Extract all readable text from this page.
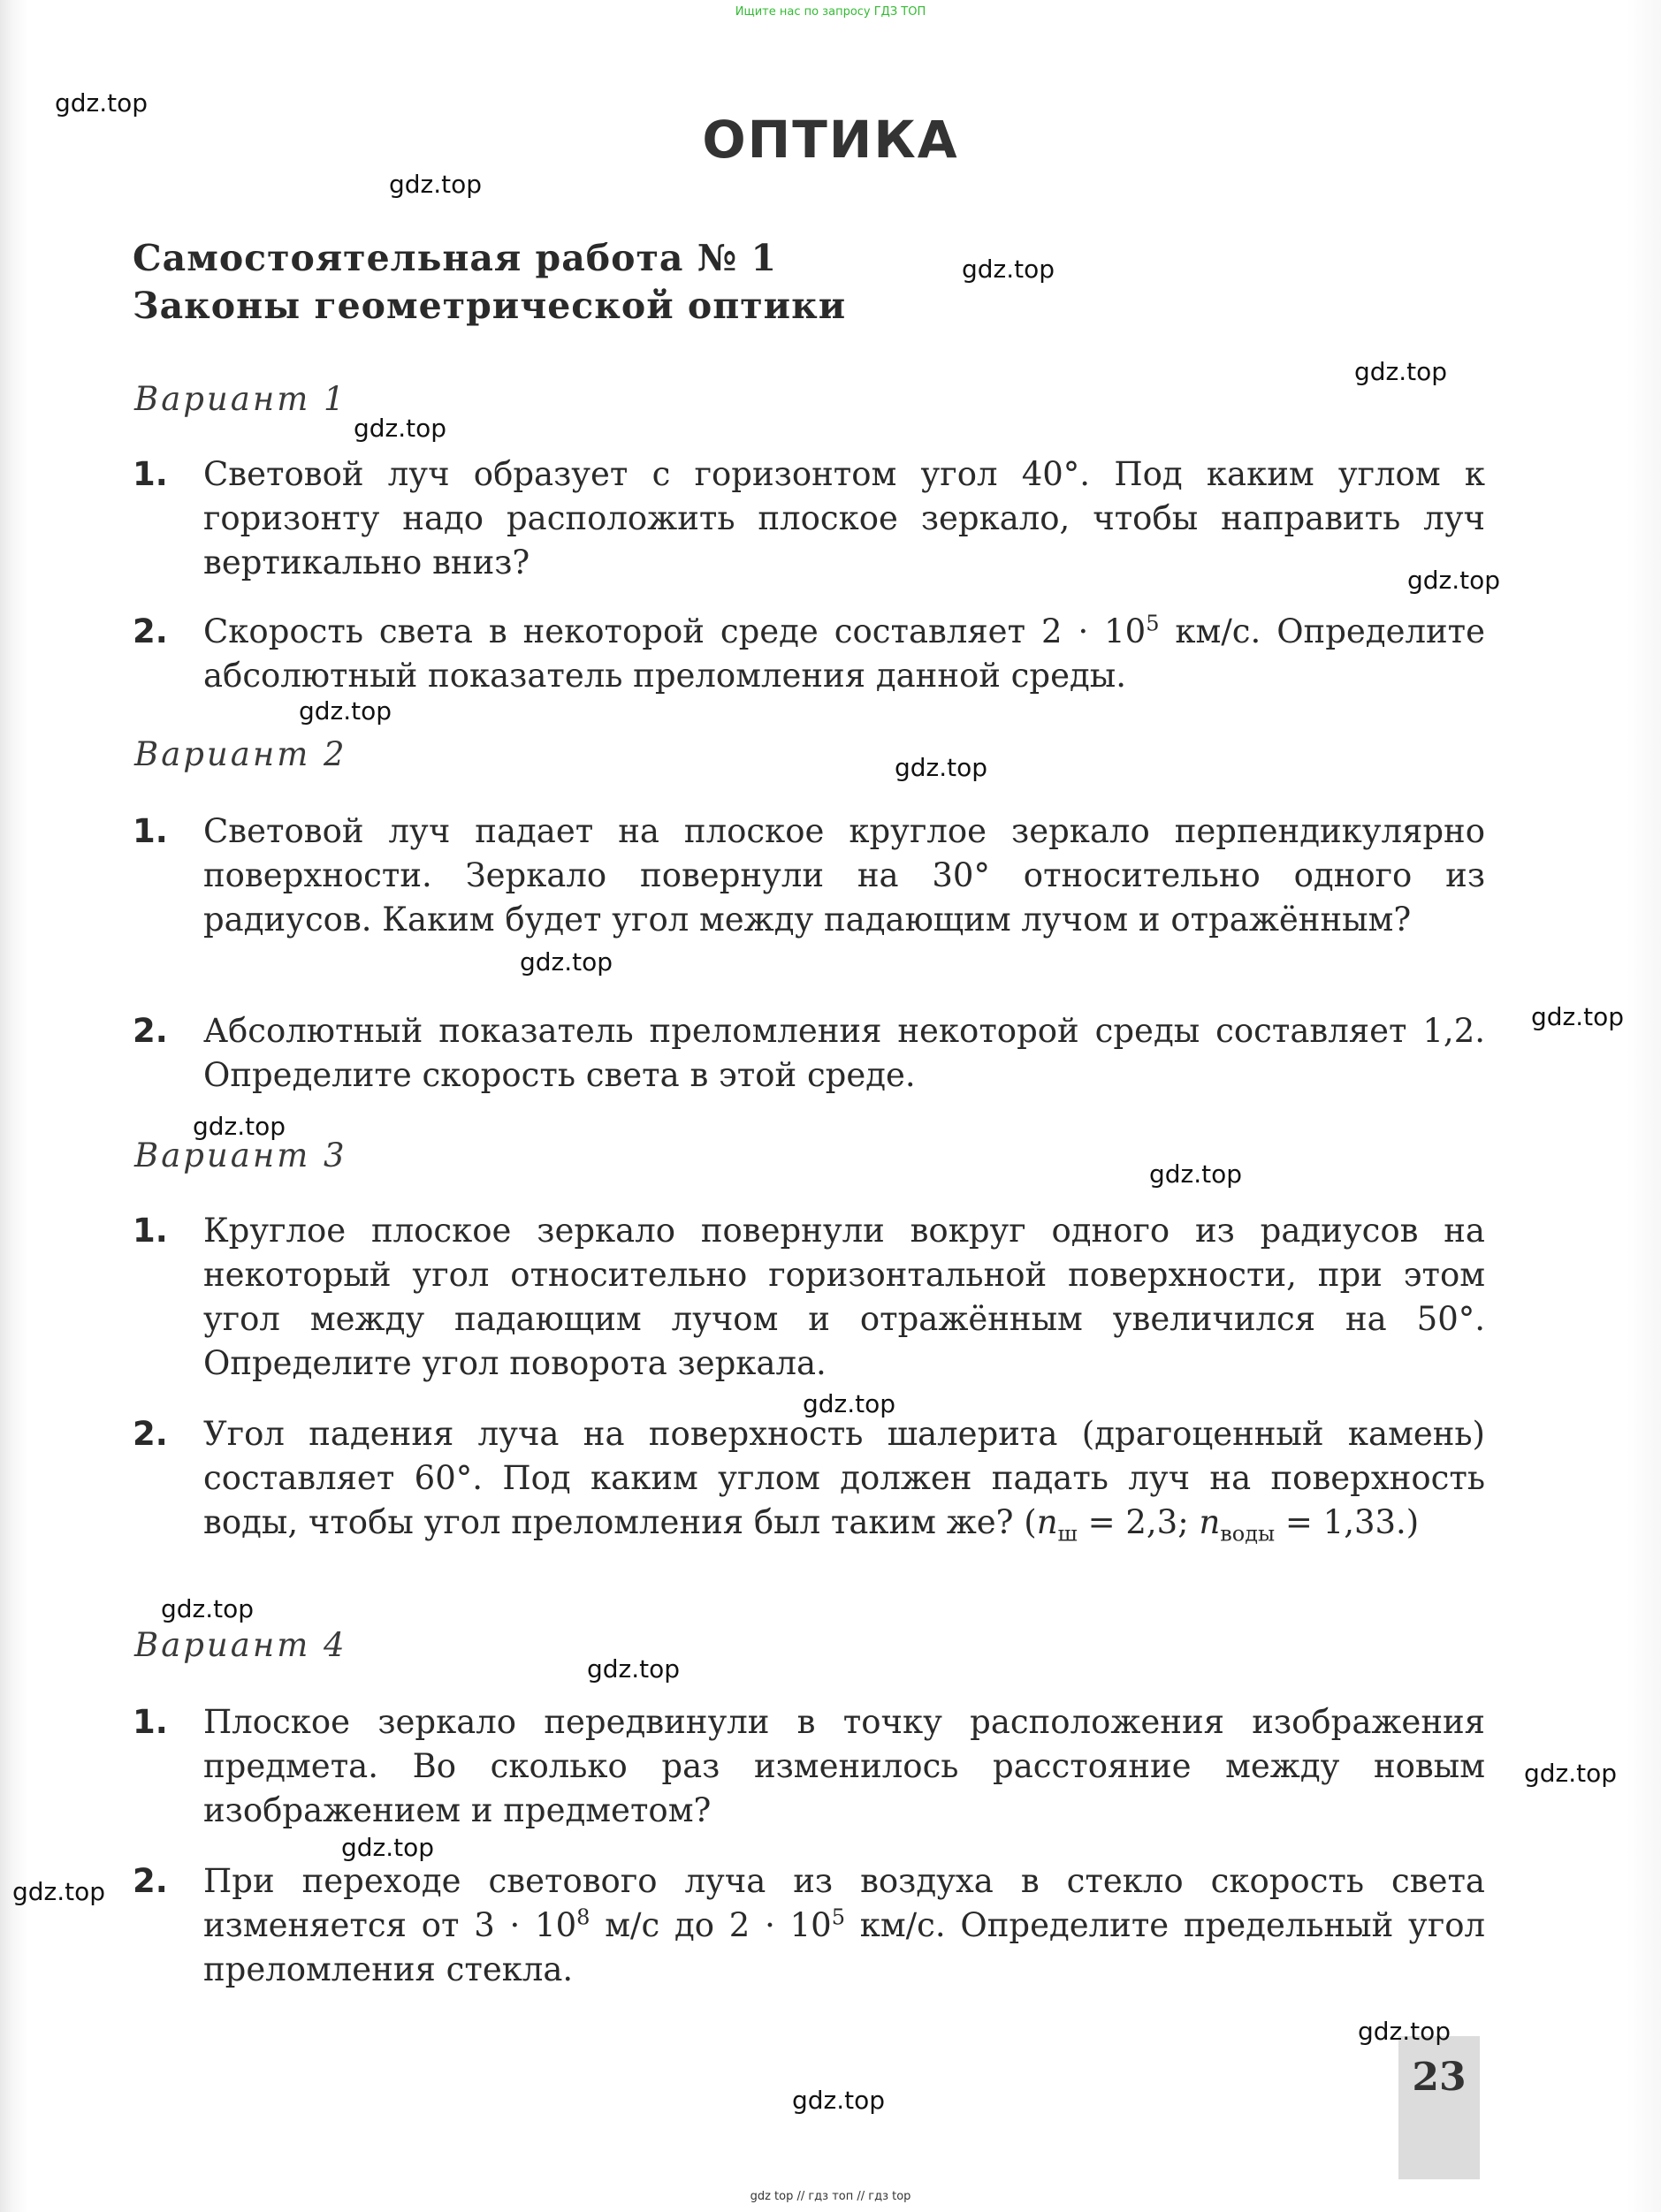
Ищите нас по запросу ГДЗ ТОП
ОПТИКА
Самостоятельная работа № 1
Законы геометрической оптики
Вариант 1
1. Световой луч образует с горизонтом угол 40°. Под каким углом к горизонту надо расположить плоское зеркало, чтобы направить луч вертикально вниз?
2. Скорость света в некоторой среде составляет $2 \cdot 10^5$ км/с. Определите абсолютный показатель преломления данной среды.
Вариант 2
1. Световой луч падает на плоское круглое зеркало перпендикулярно поверхности. Зеркало повернули на 30° относительно одного из радиусов. Каким будет угол между падающим лучом и отражённым?
2. Абсолютный показатель преломления некоторой среды составляет 1,2. Определите скорость света в этой среде.
Вариант 3
1. Круглое плоское зеркало повернули вокруг одного из радиусов на некоторый угол относительно горизонтальной поверхности, при этом угол между падающим лучом и отражённым увеличился на 50°. Определите угол поворота зеркала.
2. Угол падения луча на поверхность шалерита (драгоценный камень) составляет 60°. Под каким углом должен падать луч на поверхность воды, чтобы угол преломления был таким же? ($n_ш = 2,3$; $n_{воды} = 1,33$.)
Вариант 4
1. Плоское зеркало передвинули в точку расположения изображения предмета. Во сколько раз изменилось расстояние между новым изображением и предметом?
2. При переходе светового луча из воздуха в стекло скорость света изменяется от $3 \cdot 10^8$ м/с до $2 \cdot 10^5$ км/с. Определите предельный угол преломления стекла.
23
gdz.top
gdz.top
gdz.top
gdz.top
gdz.top
gdz.top
gdz.top
gdz.top
gdz.top
gdz.top
gdz.top
gdz.top
gdz.top
gdz.top
gdz.top
gdz.top
gdz.top
gdz.top
gdz.top
gdz.top
gdz top // гдз топ // гдз top
